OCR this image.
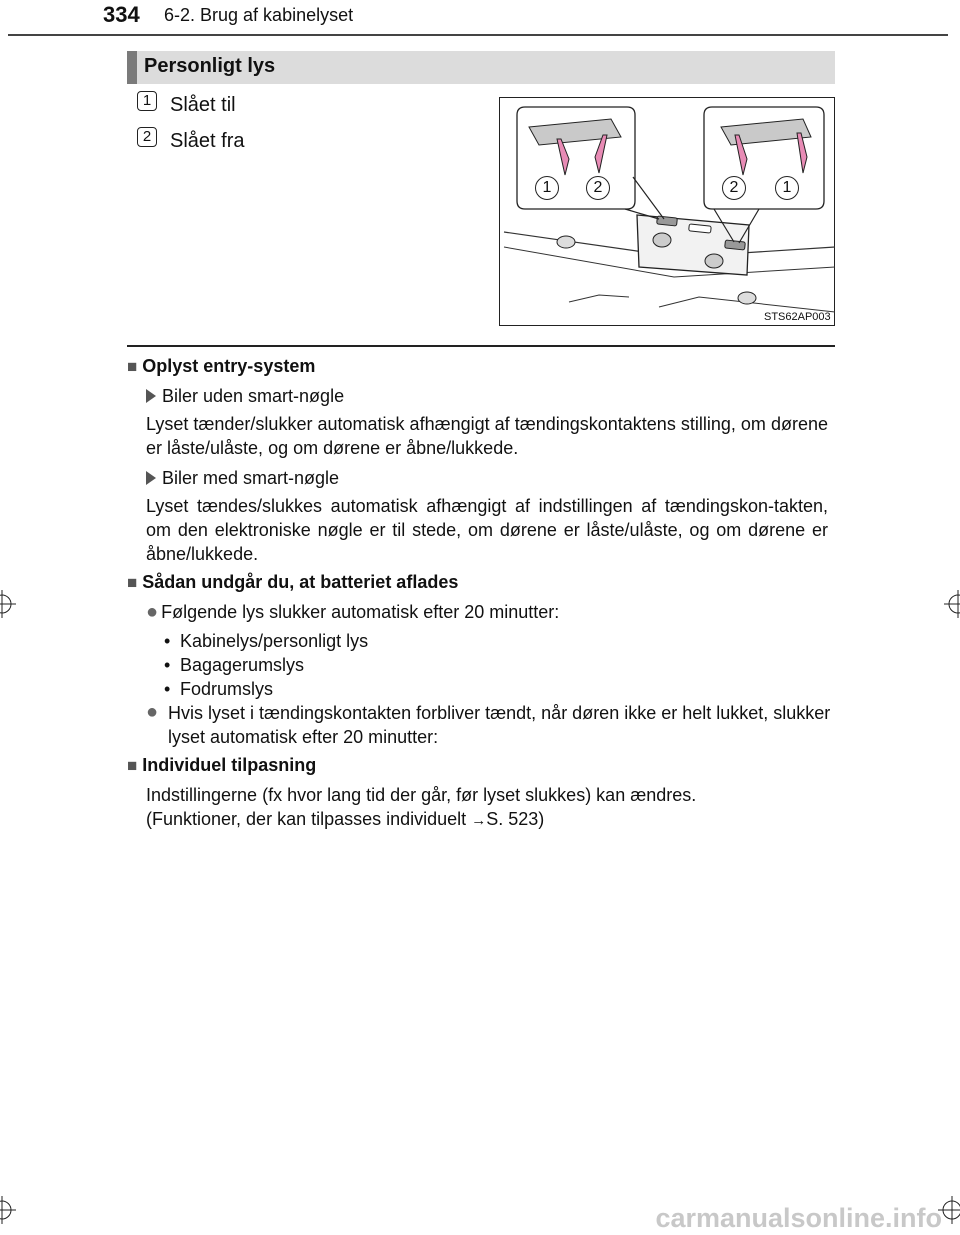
334 6-2. Brug af kabinelyset
Personligt lys
1 Slået til
2 Slået fra
1	2	2	1
STS62AP003
■ Oplyst entry-system
Biler uden smart-nøgle
Lyset tænder/slukker automatisk afhængigt af tændingskontaktens stilling, om dørene er låste/ulåste, og om dørene er åbne/lukkede.
Biler med smart-nøgle
Lyset tændes/slukkes automatisk afhængigt af indstillingen af tændingskon-takten, om den elektroniske nøgle er til stede, om dørene er låste/ulåste, og om dørene er åbne/lukkede.
■ Sådan undgår du, at batteriet aflades
● Følgende lys slukker automatisk efter 20 minutter:
• Kabinelys/personligt lys
• Bagagerumslys
• Fodrumslys
● Hvis lyset i tændingskontakten forbliver tændt, når døren ikke er helt lukket, slukker lyset automatisk efter 20 minutter:
■ Individuel tilpasning
Indstillingerne (fx hvor lang tid der går, før lyset slukkes) kan ændres.
(Funktioner, der kan tilpasses individuelt →S. 523)
carmanualsonline.info
